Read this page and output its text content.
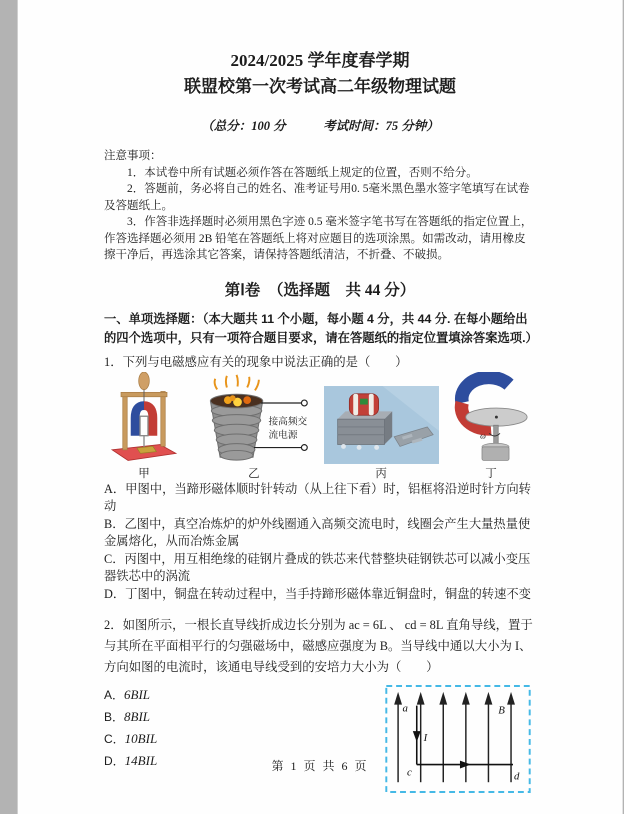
2024/2025 学年度春学期
联盟校第一次考试高二年级物理试题
（总分：100 分　　　考试时间：75 分钟）

注意事项：

1．本试卷中所有试题必须作答在答题纸上规定的位置，否则不给分。

2．答题前，务必将自己的姓名、准考证号用0. 5毫米黑色墨水签字笔填写在试卷及答题纸上。

3．作答非选择题时必须用黑色字迹 0.5 毫米签字笔书写在答题纸的指定位置上，作答选择题必须用 2B 铅笔在答题纸上将对应题目的选项涂黑。如需改动，请用橡皮擦干净后，再选涂其它答案，请保持答题纸清洁，不折叠、不破损。

第Ⅰ卷　（选择题　共 44 分）

一、单项选择题：（本大题共 11 个小题，每小题 4 分，共 44 分. 在每小题给出的四个选项中，只有一项符合题目要求，请在答题纸的指定位置填涂答案选项.）

1．下列与电磁感应有关的现象中说法正确的是（　　）

甲
接高频交
流电源
乙	丙
ω
丁

A．甲图中，当蹄形磁体顺时针转动（从上往下看）时，铝框将沿逆时针方向转动

B．乙图中，真空冶炼炉的炉外线圈通入高频交流电时，线圈会产生大量热量使金属熔化，从而冶炼金属

C．丙图中，用互相绝缘的硅钢片叠成的铁芯来代替整块硅钢铁芯可以减小变压器铁芯中的涡流

D．丁图中，铜盘在转动过程中，当手持蹄形磁体靠近铜盘时，铜盘的转速不变

2．如图所示，一根长直导线折成边长分别为 ac = 6L 、 cd = 8L 直角导线，置于与其所在平面相平行的匀强磁场中，磁感应强度为 B。当导线中通以大小为 I、方向如图的电流时，该通电导线受到的安培力大小为（　　）

A．6BIL
B．8BIL
C．10BIL
D．14BIL
a	B
I
c	d
第 1 页 共 6 页
